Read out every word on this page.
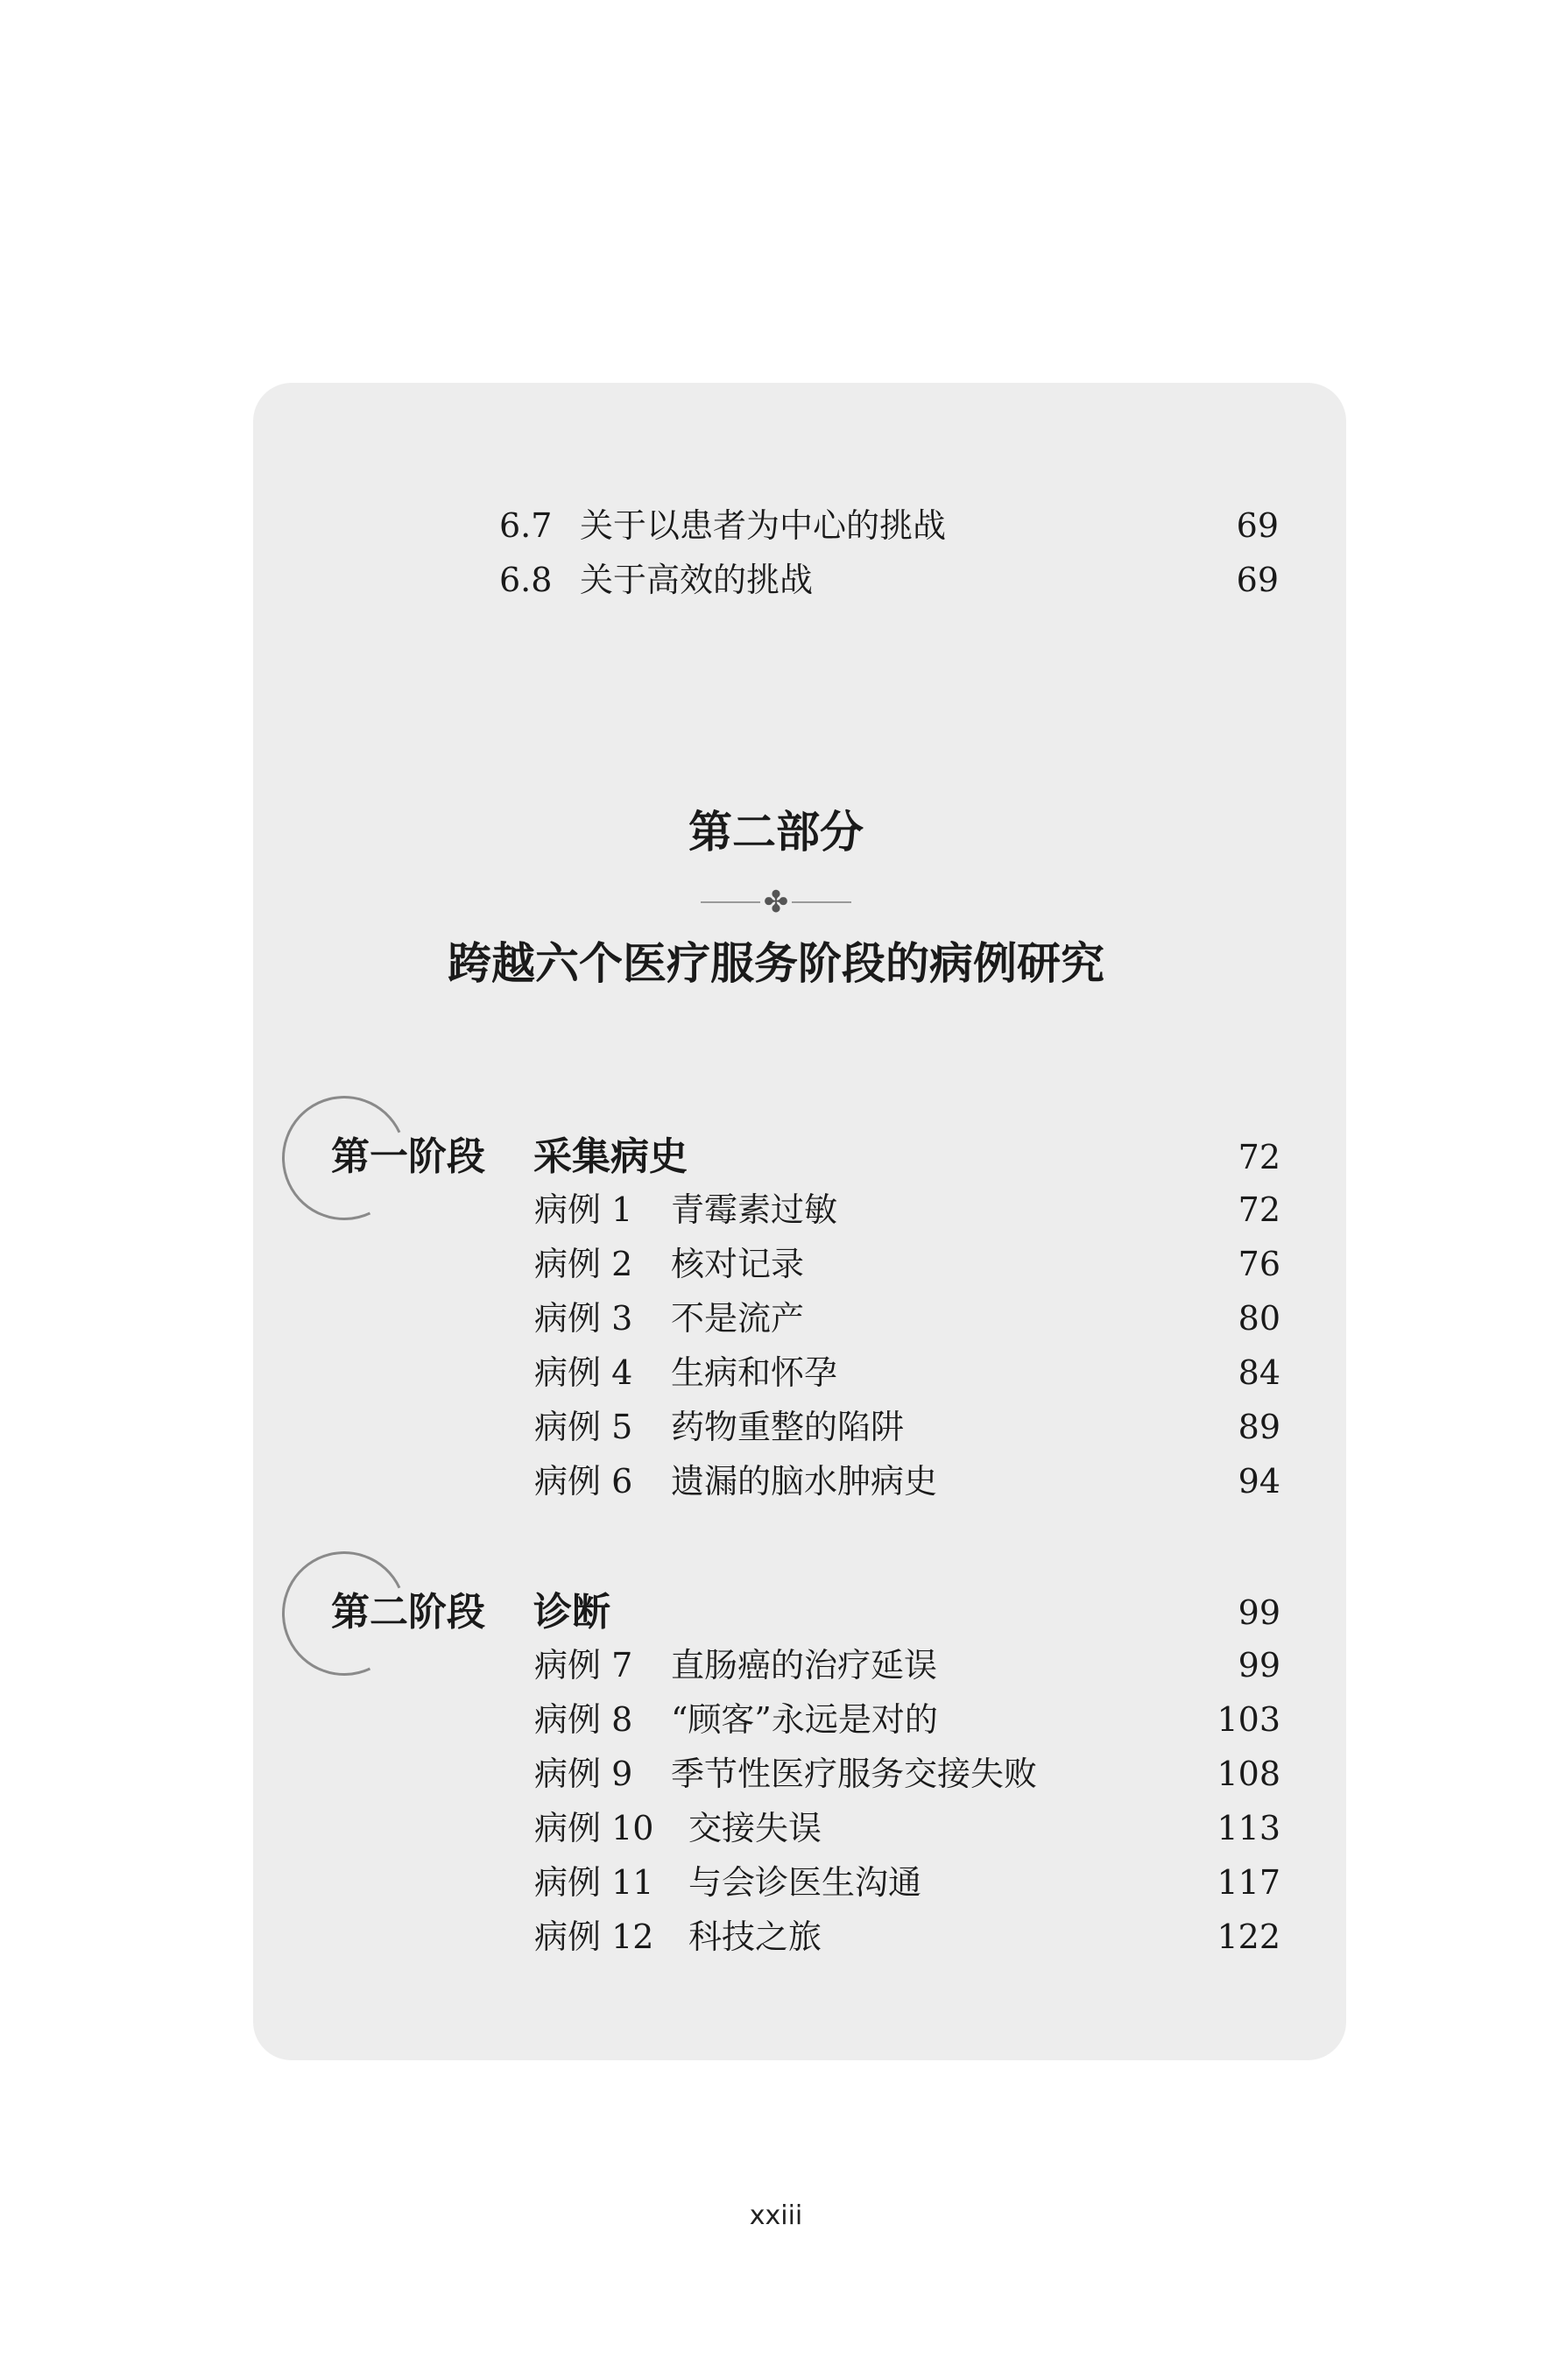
6.7 关于以患者为中心的挑战	69
6.8 关于高效的挑战	69
第二部分
✤
跨越六个医疗服务阶段的病例研究
第一阶段 采集病史	72
病例 1 青霉素过敏	72
病例 2 核对记录	76
病例 3 不是流产	80
病例 4 生病和怀孕	84
病例 5 药物重整的陷阱	89
病例 6 遗漏的脑水肿病史	94
第二阶段 诊断	99
病例 7 直肠癌的治疗延误	99
病例 8 “顾客”永远是对的	103
病例 9 季节性医疗服务交接失败	108
病例 10 交接失误	113
病例 11 与会诊医生沟通	117
病例 12 科技之旅	122
xxiii
